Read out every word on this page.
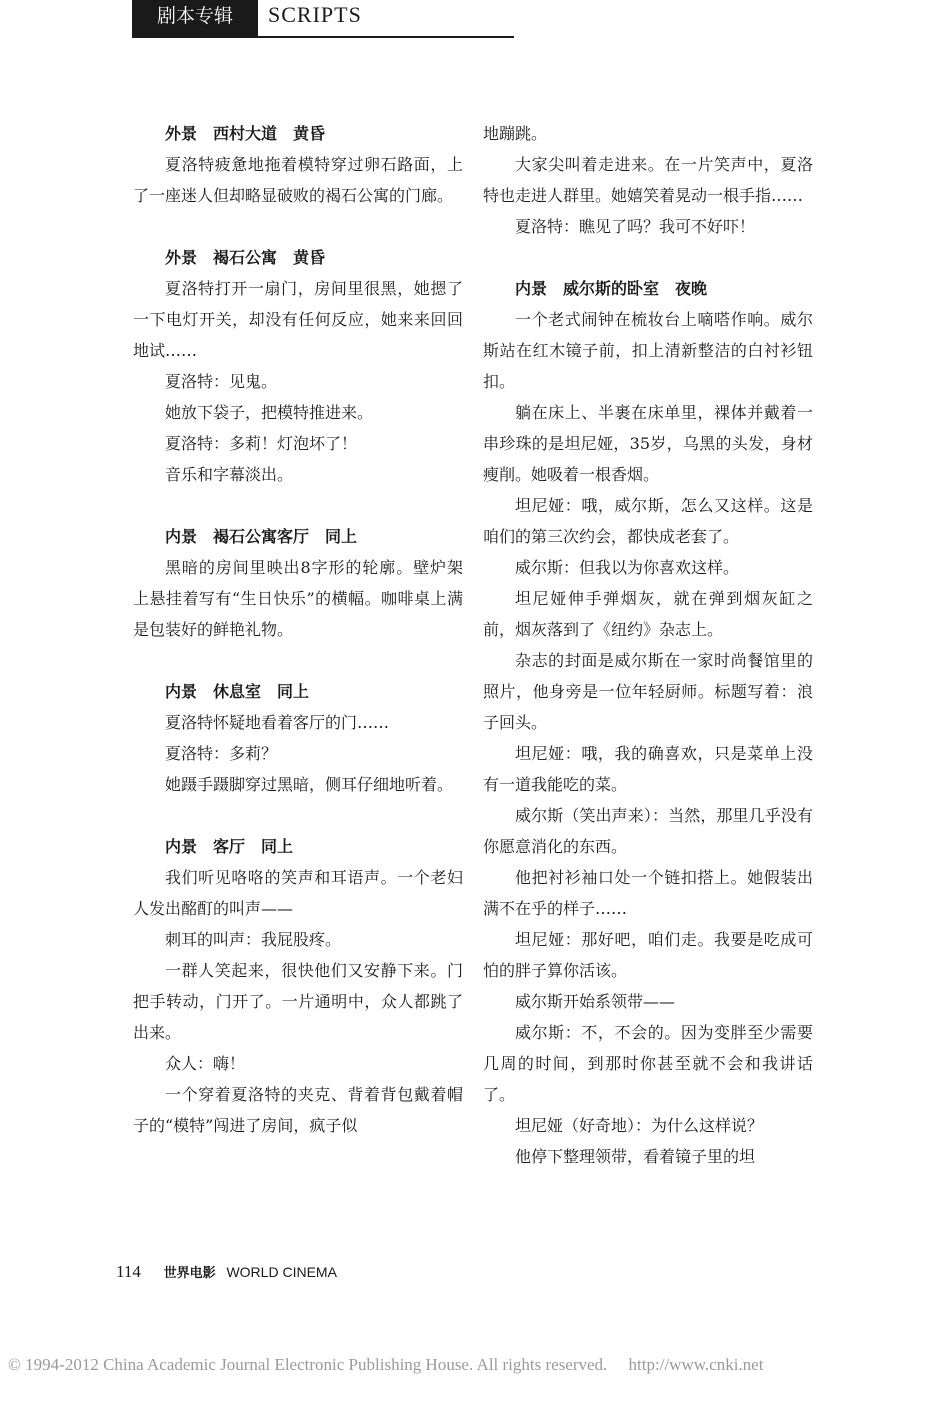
剧本专辑	SCRIPTS

外景　西村大道　黄昏

夏洛特疲惫地拖着模特穿过卵石路面，上了一座迷人但却略显破败的褐石公寓的门廊。

外景　褐石公寓　黄昏

夏洛特打开一扇门，房间里很黑，她摁了一下电灯开关，却没有任何反应，她来来回回地试……

夏洛特：见鬼。

她放下袋子，把模特推进来。

夏洛特：多莉！灯泡坏了！

音乐和字幕淡出。

内景　褐石公寓客厅　同上

黑暗的房间里映出8字形的轮廓。壁炉架上悬挂着写有“生日快乐”的横幅。咖啡桌上满是包装好的鲜艳礼物。

内景　休息室　同上

夏洛特怀疑地看着客厅的门……

夏洛特：多莉？

她蹑手蹑脚穿过黑暗，侧耳仔细地听着。

内景　客厅　同上

我们听见咯咯的笑声和耳语声。一个老妇人发出酩酊的叫声——

刺耳的叫声：我屁股疼。

一群人笑起来，很快他们又安静下来。门把手转动，门开了。一片通明中，众人都跳了出来。

众人：嗨！

一个穿着夏洛特的夹克、背着背包戴着帽子的“模特”闯进了房间，疯子似

地蹦跳。

大家尖叫着走进来。在一片笑声中，夏洛特也走进人群里。她嬉笑着晃动一根手指……

夏洛特：瞧见了吗？我可不好吓！

内景　威尔斯的卧室　夜晚

一个老式闹钟在梳妆台上嘀嗒作响。威尔斯站在红木镜子前，扣上清新整洁的白衬衫钮扣。

躺在床上、半裹在床单里，裸体并戴着一串珍珠的是坦尼娅，35岁，乌黑的头发，身材瘦削。她吸着一根香烟。

坦尼娅：哦，威尔斯，怎么又这样。这是咱们的第三次约会，都快成老套了。

威尔斯：但我以为你喜欢这样。

坦尼娅伸手弹烟灰，就在弹到烟灰缸之前，烟灰落到了《纽约》杂志上。

杂志的封面是威尔斯在一家时尚餐馆里的照片，他身旁是一位年轻厨师。标题写着：浪子回头。

坦尼娅：哦，我的确喜欢，只是菜单上没有一道我能吃的菜。

威尔斯（笑出声来）：当然，那里几乎没有你愿意消化的东西。

他把衬衫袖口处一个链扣搭上。她假装出满不在乎的样子……

坦尼娅：那好吧，咱们走。我要是吃成可怕的胖子算你活该。

威尔斯开始系领带——

威尔斯：不，不会的。因为变胖至少需要几周的时间，到那时你甚至就不会和我讲话了。

坦尼娅（好奇地）：为什么这样说？

他停下整理领带，看着镜子里的坦

114 世界电影 WORLD CINEMA
© 1994-2012 China Academic Journal Electronic Publishing House. All rights reserved.　 http://www.cnki.net
